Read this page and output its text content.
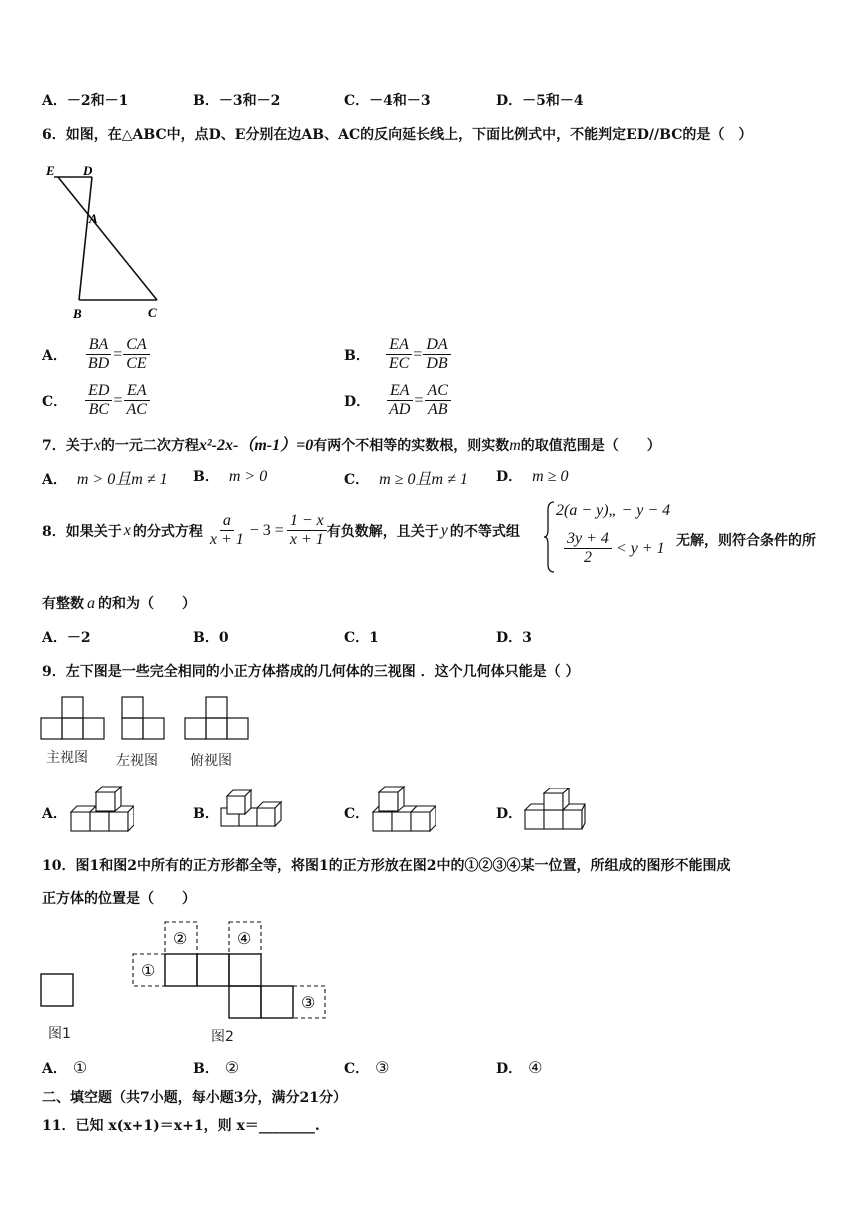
A．－2和－1	B．－3和－2	C．－4和－3	D．－5和－4
6．如图，在△ABC中，点D、E分别在边AB、AC的反向延长线上，下面比例式中，不能判定ED//BC的是（　）
E D
A
B	C
A． $\frac{BA}{BD} = \frac{CA}{CE}$	B． $\frac{EA}{EC} = \frac{DA}{DB}$
C． $\frac{ED}{BC} = \frac{EA}{AC}$	D． $\frac{EA}{AD} = \frac{AC}{AB}$
7．关于x的一元二次方程x²-2x-（m-1）=0有两个不相等的实数根，则实数m的取值范围是（　　）
A． m > 0且m ≠ 1 B． m > 0	C． m ≥ 0且m ≠ 1 D． m ≥ 0
8．如果关于 x 的分式方程 $\frac{a}{x + 1} - 3 = \frac{1 - x}{x + 1}$ 有负数解，且关于 y 的不等式组
2(a − y)„ − y − 4
$\frac{3y + 4}{2} < y + 1$ 无解，则符合条件的所
有整数 a 的和为（　　）
A．－2	B．0	C．1	D．3
9．左下图是一些完全相同的小正方体搭成的几何体的三视图 ．这个几何体只能是（ ）
主视图 左视图 俯视图
A．	B．	C．	D．
10．图1和图2中所有的正方形都全等，将图1的正方形放在图2中的①②③④某一位置，所组成的图形不能围成
正方体的位置是（　　）
图1
①
②	④
③
图2
A． ①	B． ②	C． ③	D． ④
二、填空题（共7小题，每小题3分，满分21分）
11．已知 x(x+1)＝x+1，则 x＝________.
